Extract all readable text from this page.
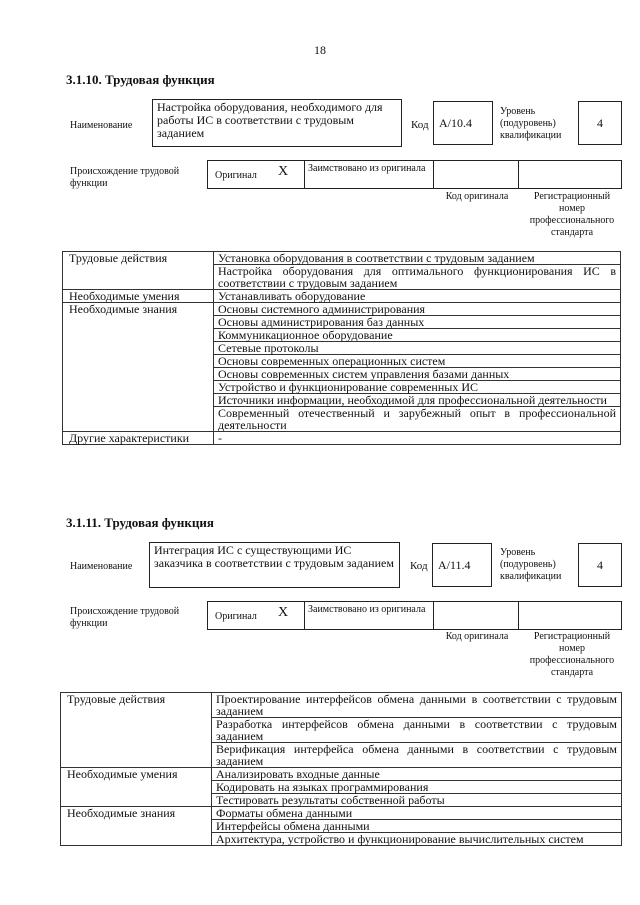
18
3.1.10. Трудовая функция
Наименование
Настройка оборудования, необходимого для работы ИС в соответствии с трудовым заданием
Код А/10.4
Уровень (подуровень) квалификации
4
Происхождение трудовой функции
Оригинал X Заимствовано из оригинала
Код оригинала	Регистрационный номер профессионального стандарта
Трудовые действия	Установка оборудования в соответствии с трудовым заданием
	Настройка оборудования для оптимального функционирования ИС в соответствии с трудовым заданием
Необходимые умения	Устанавливать оборудование
Необходимые знания	Основы системного администрирования
	Основы администрирования баз данных
	Коммуникационное оборудование
	Сетевые протоколы
	Основы современных операционных систем
	Основы современных систем управления базами данных
	Устройство и функционирование современных ИС
	Источники информации, необходимой для профессиональной деятельности
	Современный отечественный и зарубежный опыт в профессиональной деятельности
Другие характеристики	-
3.1.11. Трудовая функция
Наименование
Интеграция ИС с существующими ИС заказчика в соответствии с трудовым заданием	Код А/11.4
Уровень (подуровень) квалификации
4
Происхождение трудовой функции
Оригинал X Заимствовано из оригинала
Код оригинала	Регистрационный номер профессионального стандарта
Трудовые действия	Проектирование интерфейсов обмена данными в соответствии с трудовым заданием
	Разработка интерфейсов обмена данными в соответствии с трудовым заданием
	Верификация интерфейса обмена данными в соответствии с трудовым заданием
Необходимые умения	Анализировать входные данные
	Кодировать на языках программирования
	Тестировать результаты собственной работы
Необходимые знания	Форматы обмена данными
	Интерфейсы обмена данными
	Архитектура, устройство и функционирование вычислительных систем
